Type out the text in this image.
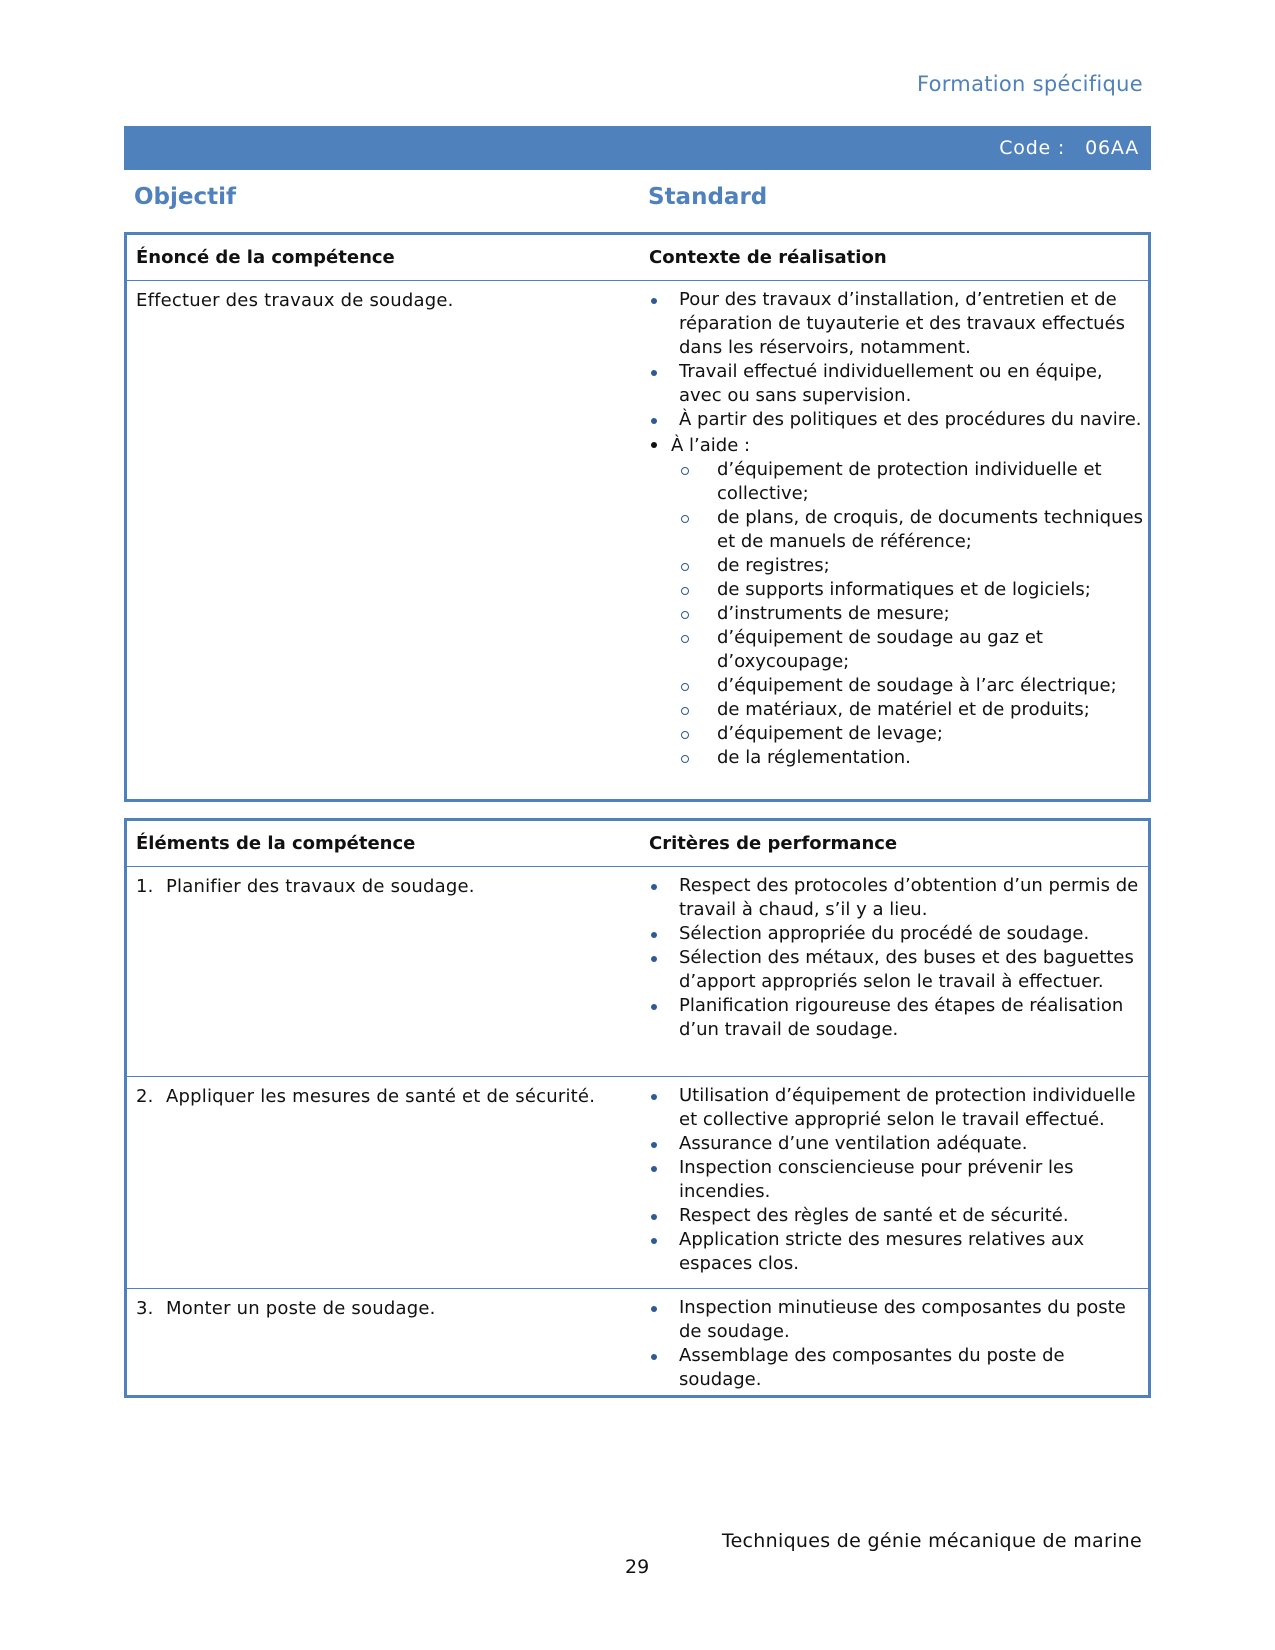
Formation spécifique
Code : 06AA
Objectif	Standard
Énoncé de la compétence	Contexte de réalisation
Effectuer des travaux de soudage.	Pour des travaux d’installation, d’entretien et de réparation de tuyauterie et des travaux effectués dans les réservoirs, notamment.
Travail effectué individuellement ou en équipe, avec ou sans supervision.
À partir des politiques et des procédures du navire.
À l’aide :
d’équipement de protection individuelle et collective;
de plans, de croquis, de documents techniques et de manuels de référence;
de registres;
de supports informatiques et de logiciels;
d’instruments de mesure;
d’équipement de soudage au gaz et d’oxycoupage;
d’équipement de soudage à l’arc électrique;
de matériaux, de matériel et de produits;
d’équipement de levage;
de la réglementation.
Éléments de la compétence	Critères de performance
1. Planifier des travaux de soudage.	Respect des protocoles d’obtention d’un permis de travail à chaud, s’il y a lieu.
Sélection appropriée du procédé de soudage.
Sélection des métaux, des buses et des baguettes d’apport appropriés selon le travail à effectuer.
Planification rigoureuse des étapes de réalisation d’un travail de soudage.
2. Appliquer les mesures de santé et de sécurité.	Utilisation d’équipement de protection individuelle et collective approprié selon le travail effectué.
Assurance d’une ventilation adéquate.
Inspection consciencieuse pour prévenir les incendies.
Respect des règles de santé et de sécurité.
Application stricte des mesures relatives aux espaces clos.
3. Monter un poste de soudage.	Inspection minutieuse des composantes du poste de soudage.
Assemblage des composantes du poste de soudage.
Techniques de génie mécanique de marine
29
